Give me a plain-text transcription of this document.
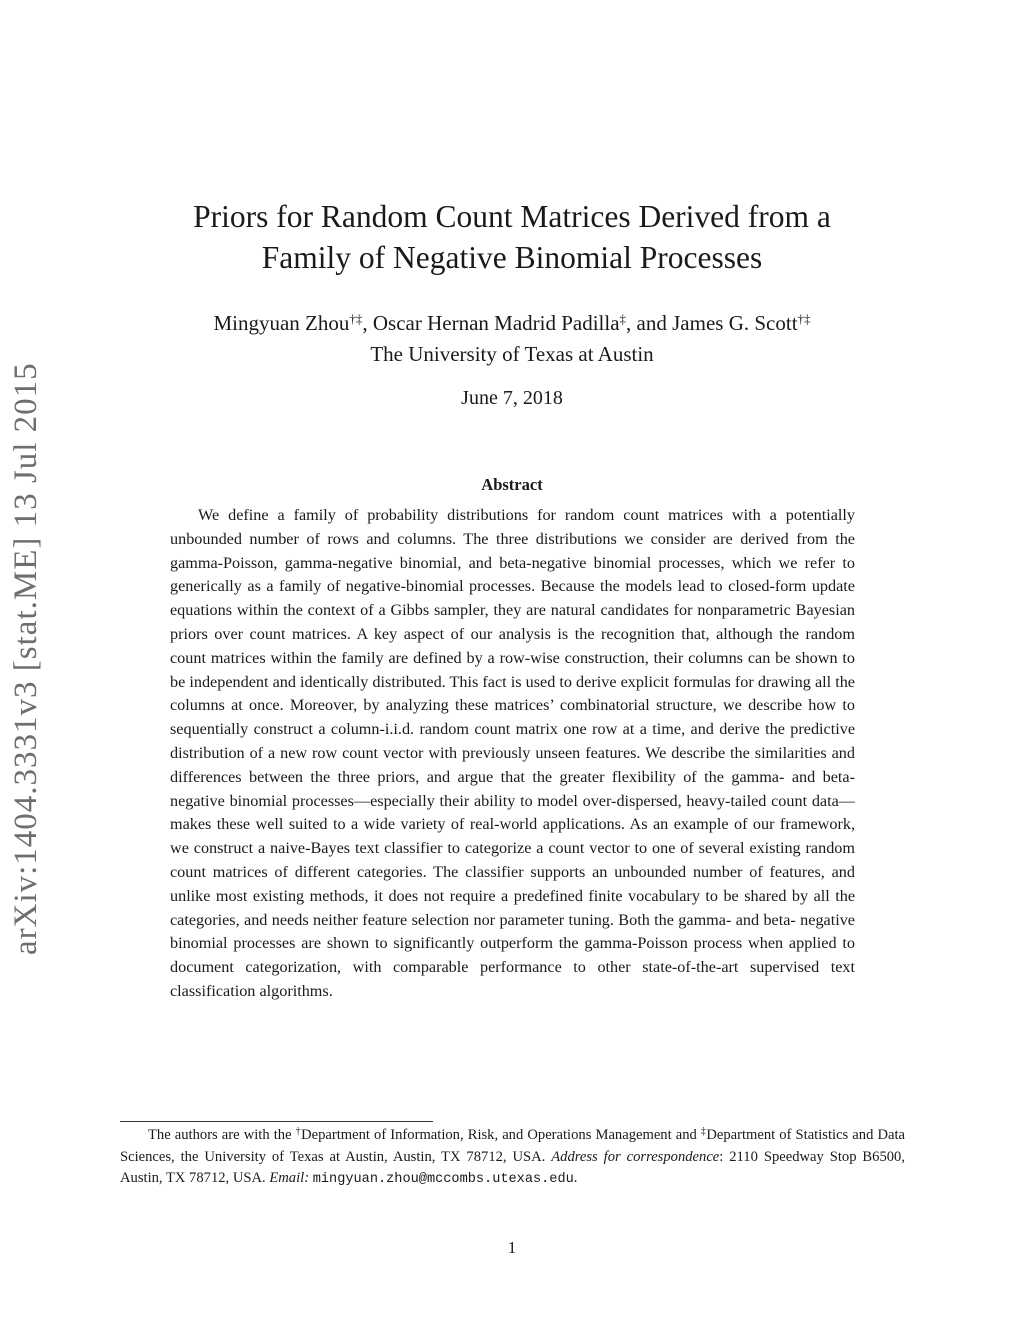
arXiv:1404.3331v3 [stat.ME] 13 Jul 2015
Priors for Random Count Matrices Derived from a
Family of Negative Binomial Processes
Mingyuan Zhou†‡, Oscar Hernan Madrid Padilla‡, and James G. Scott†‡
The University of Texas at Austin
June 7, 2018
Abstract

We define a family of probability distributions for random count matrices with a potentially unbounded number of rows and columns. The three distributions we consider are derived from the gamma-Poisson, gamma-negative binomial, and beta-negative binomial processes, which we refer to generically as a family of negative-binomial processes. Because the models lead to closed-form update equations within the context of a Gibbs sampler, they are natural candidates for nonparametric Bayesian priors over count matrices. A key aspect of our analysis is the recognition that, although the random count matrices within the family are defined by a row-wise construction, their columns can be shown to be independent and identically distributed. This fact is used to derive explicit formulas for drawing all the columns at once. Moreover, by analyzing these matrices’ combinatorial structure, we describe how to sequentially construct a column-i.i.d. random count matrix one row at a time, and derive the predictive distribution of a new row count vector with previously unseen features. We describe the similarities and differences between the three priors, and argue that the greater flexibility of the gamma- and beta- negative binomial processes—especially their ability to model over-dispersed, heavy-tailed count data—makes these well suited to a wide variety of real-world applications. As an example of our framework, we construct a naive-Bayes text classifier to categorize a count vector to one of several existing random count matrices of different categories. The classifier supports an unbounded number of features, and unlike most existing methods, it does not require a predefined finite vocabulary to be shared by all the categories, and needs neither feature selection nor parameter tuning. Both the gamma- and beta- negative binomial processes are shown to significantly outperform the gamma-Poisson process when applied to document categorization, with comparable performance to other state-of-the-art supervised text classification algorithms.

The authors are with the †Department of Information, Risk, and Operations Management and ‡Department of Statistics and Data Sciences, the University of Texas at Austin, Austin, TX 78712, USA. Address for correspondence: 2110 Speedway Stop B6500, Austin, TX 78712, USA. Email: mingyuan.zhou@mccombs.utexas.edu.

1
